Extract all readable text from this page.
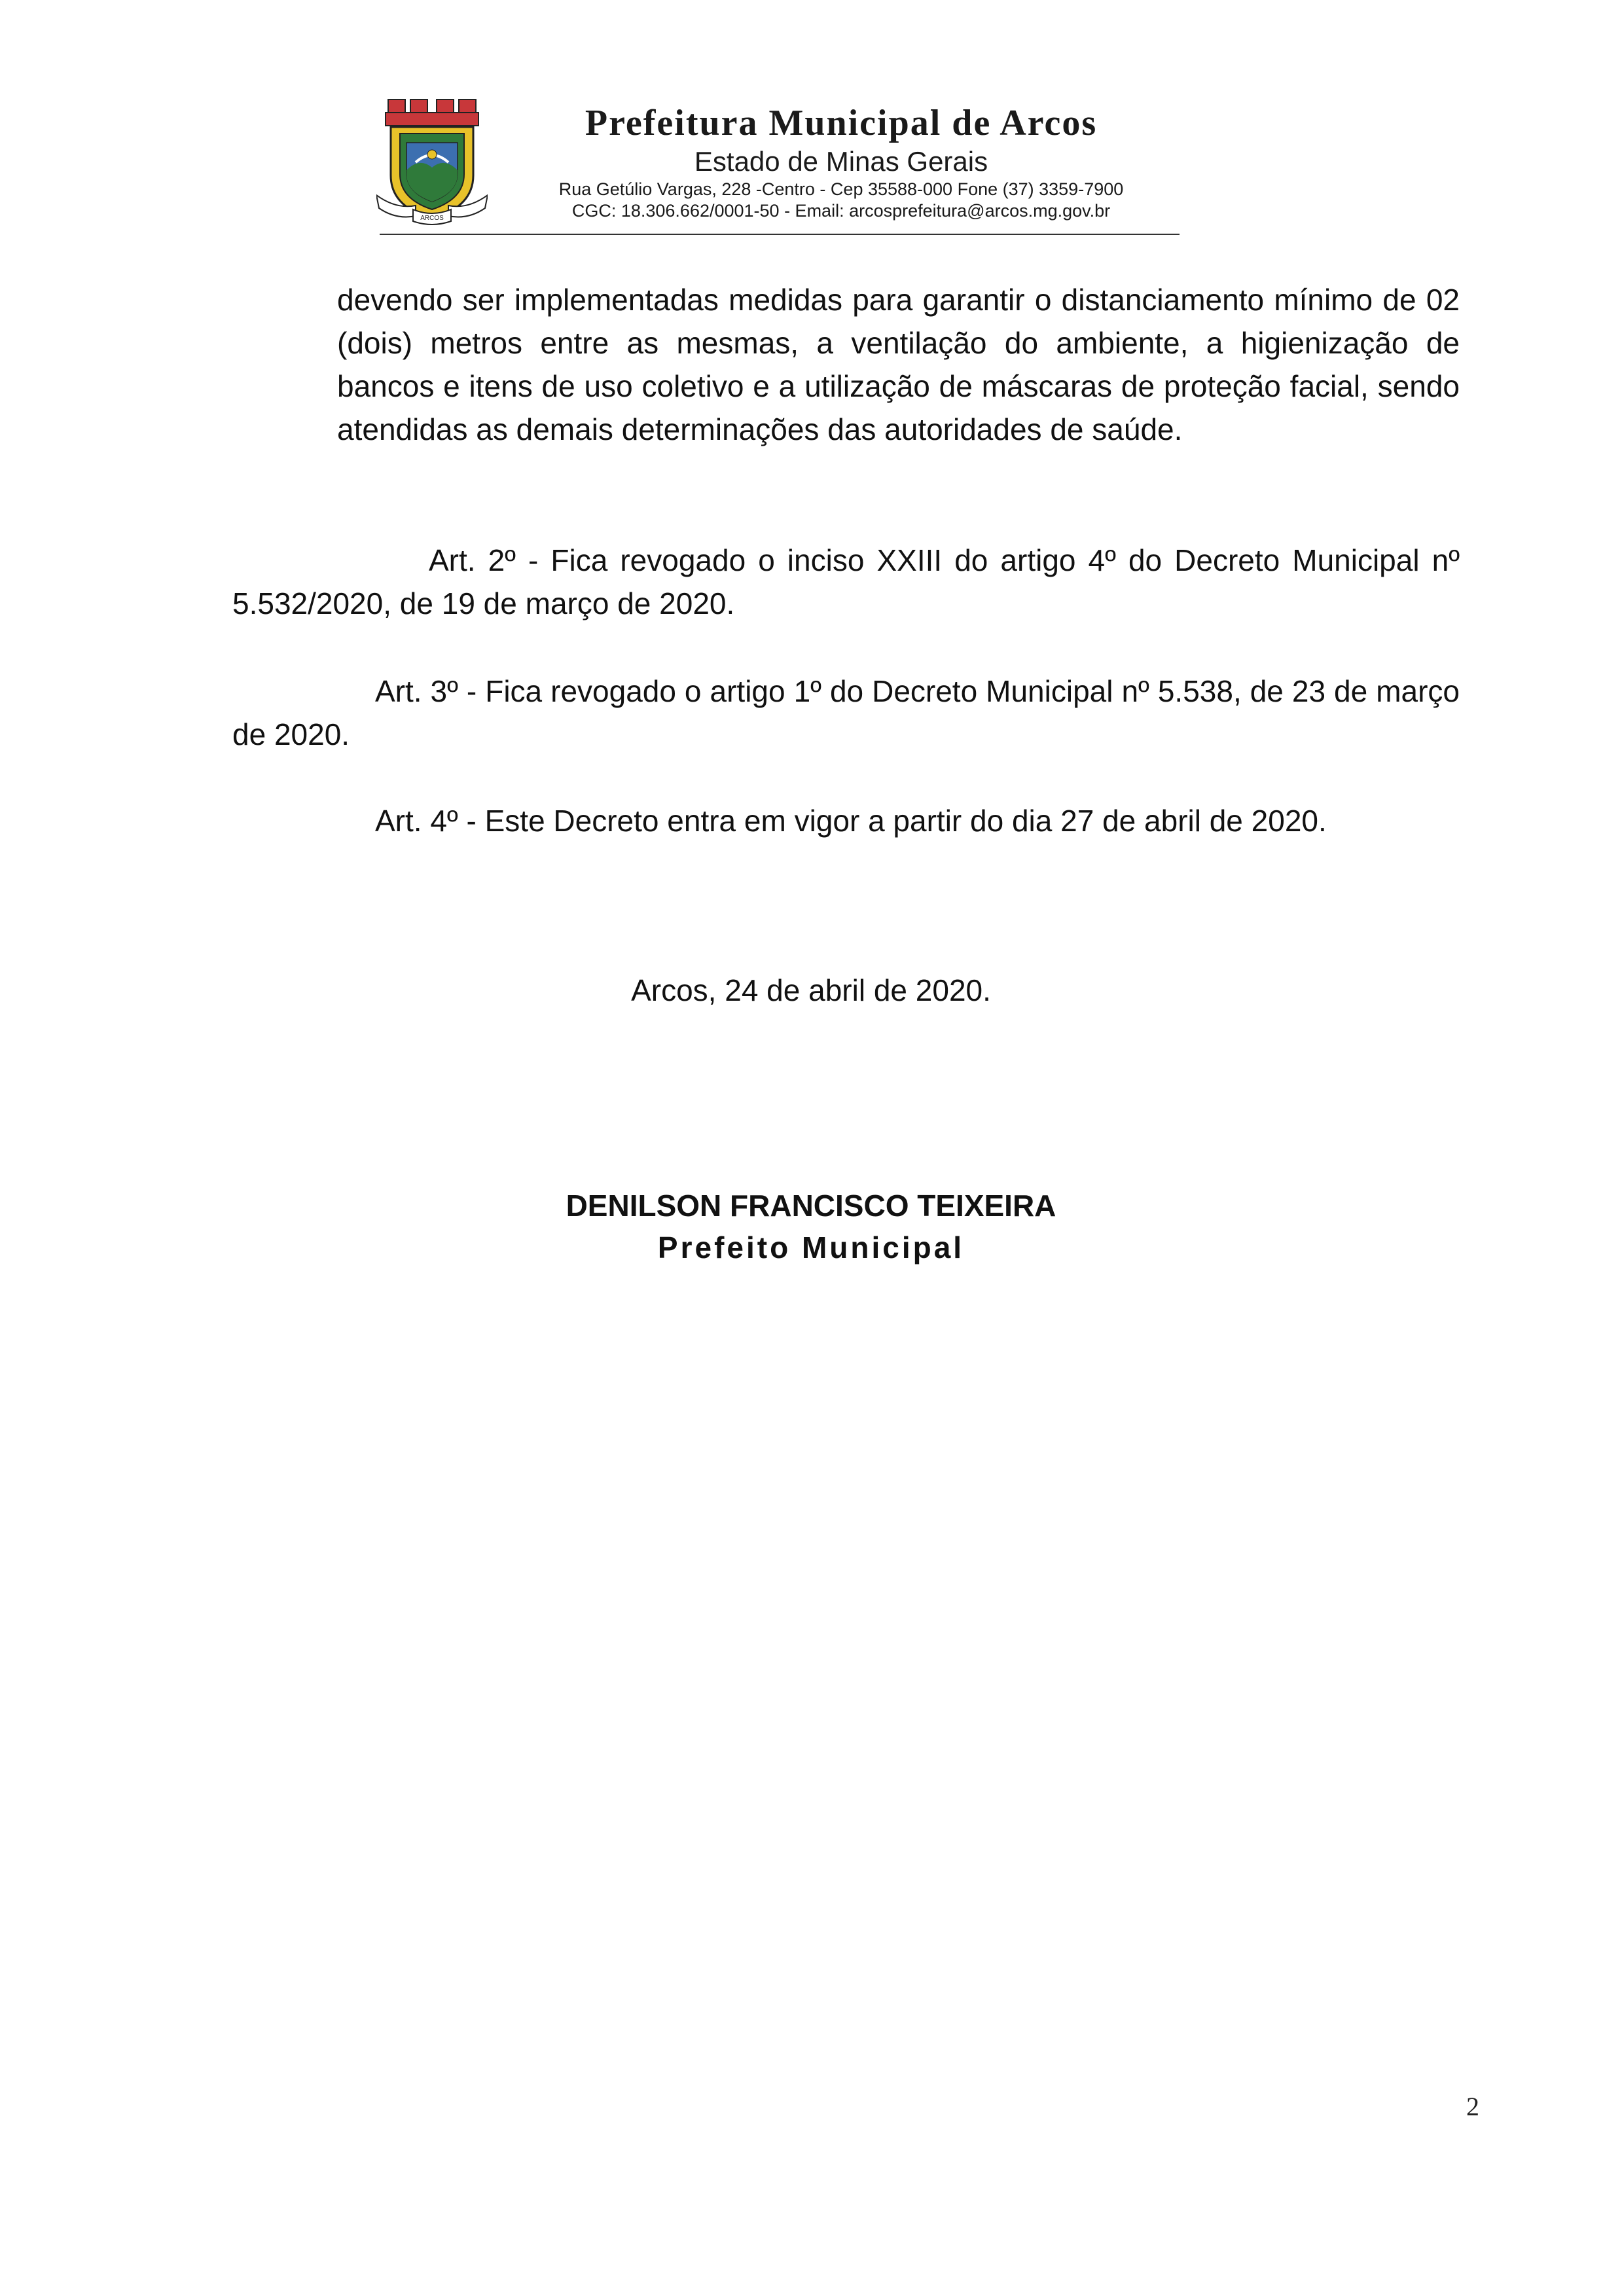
ARCOS
Prefeitura Municipal de Arcos
Estado de Minas Gerais
Rua Getúlio Vargas, 228 -Centro - Cep 35588-000 Fone (37) 3359-7900
CGC: 18.306.662/0001-50 - Email: arcosprefeitura@arcos.mg.gov.br
devendo ser implementadas medidas para garantir o distanciamento mínimo de 02 (dois) metros entre as mesmas, a ventilação do ambiente, a higienização de bancos e itens de uso coletivo e a utilização de máscaras de proteção facial, sendo atendidas as demais determinações das autoridades de saúde.
Art. 2º - Fica revogado o inciso XXIII do artigo 4º do Decreto Municipal nº 5.532/2020, de 19 de março de 2020.
Art. 3º - Fica revogado o artigo 1º do Decreto Municipal nº 5.538, de 23 de março de 2020.
Art. 4º - Este Decreto entra em vigor a partir do dia 27 de abril de 2020.
Arcos, 24 de abril de 2020.
DENILSON FRANCISCO TEIXEIRA
Prefeito Municipal
2
